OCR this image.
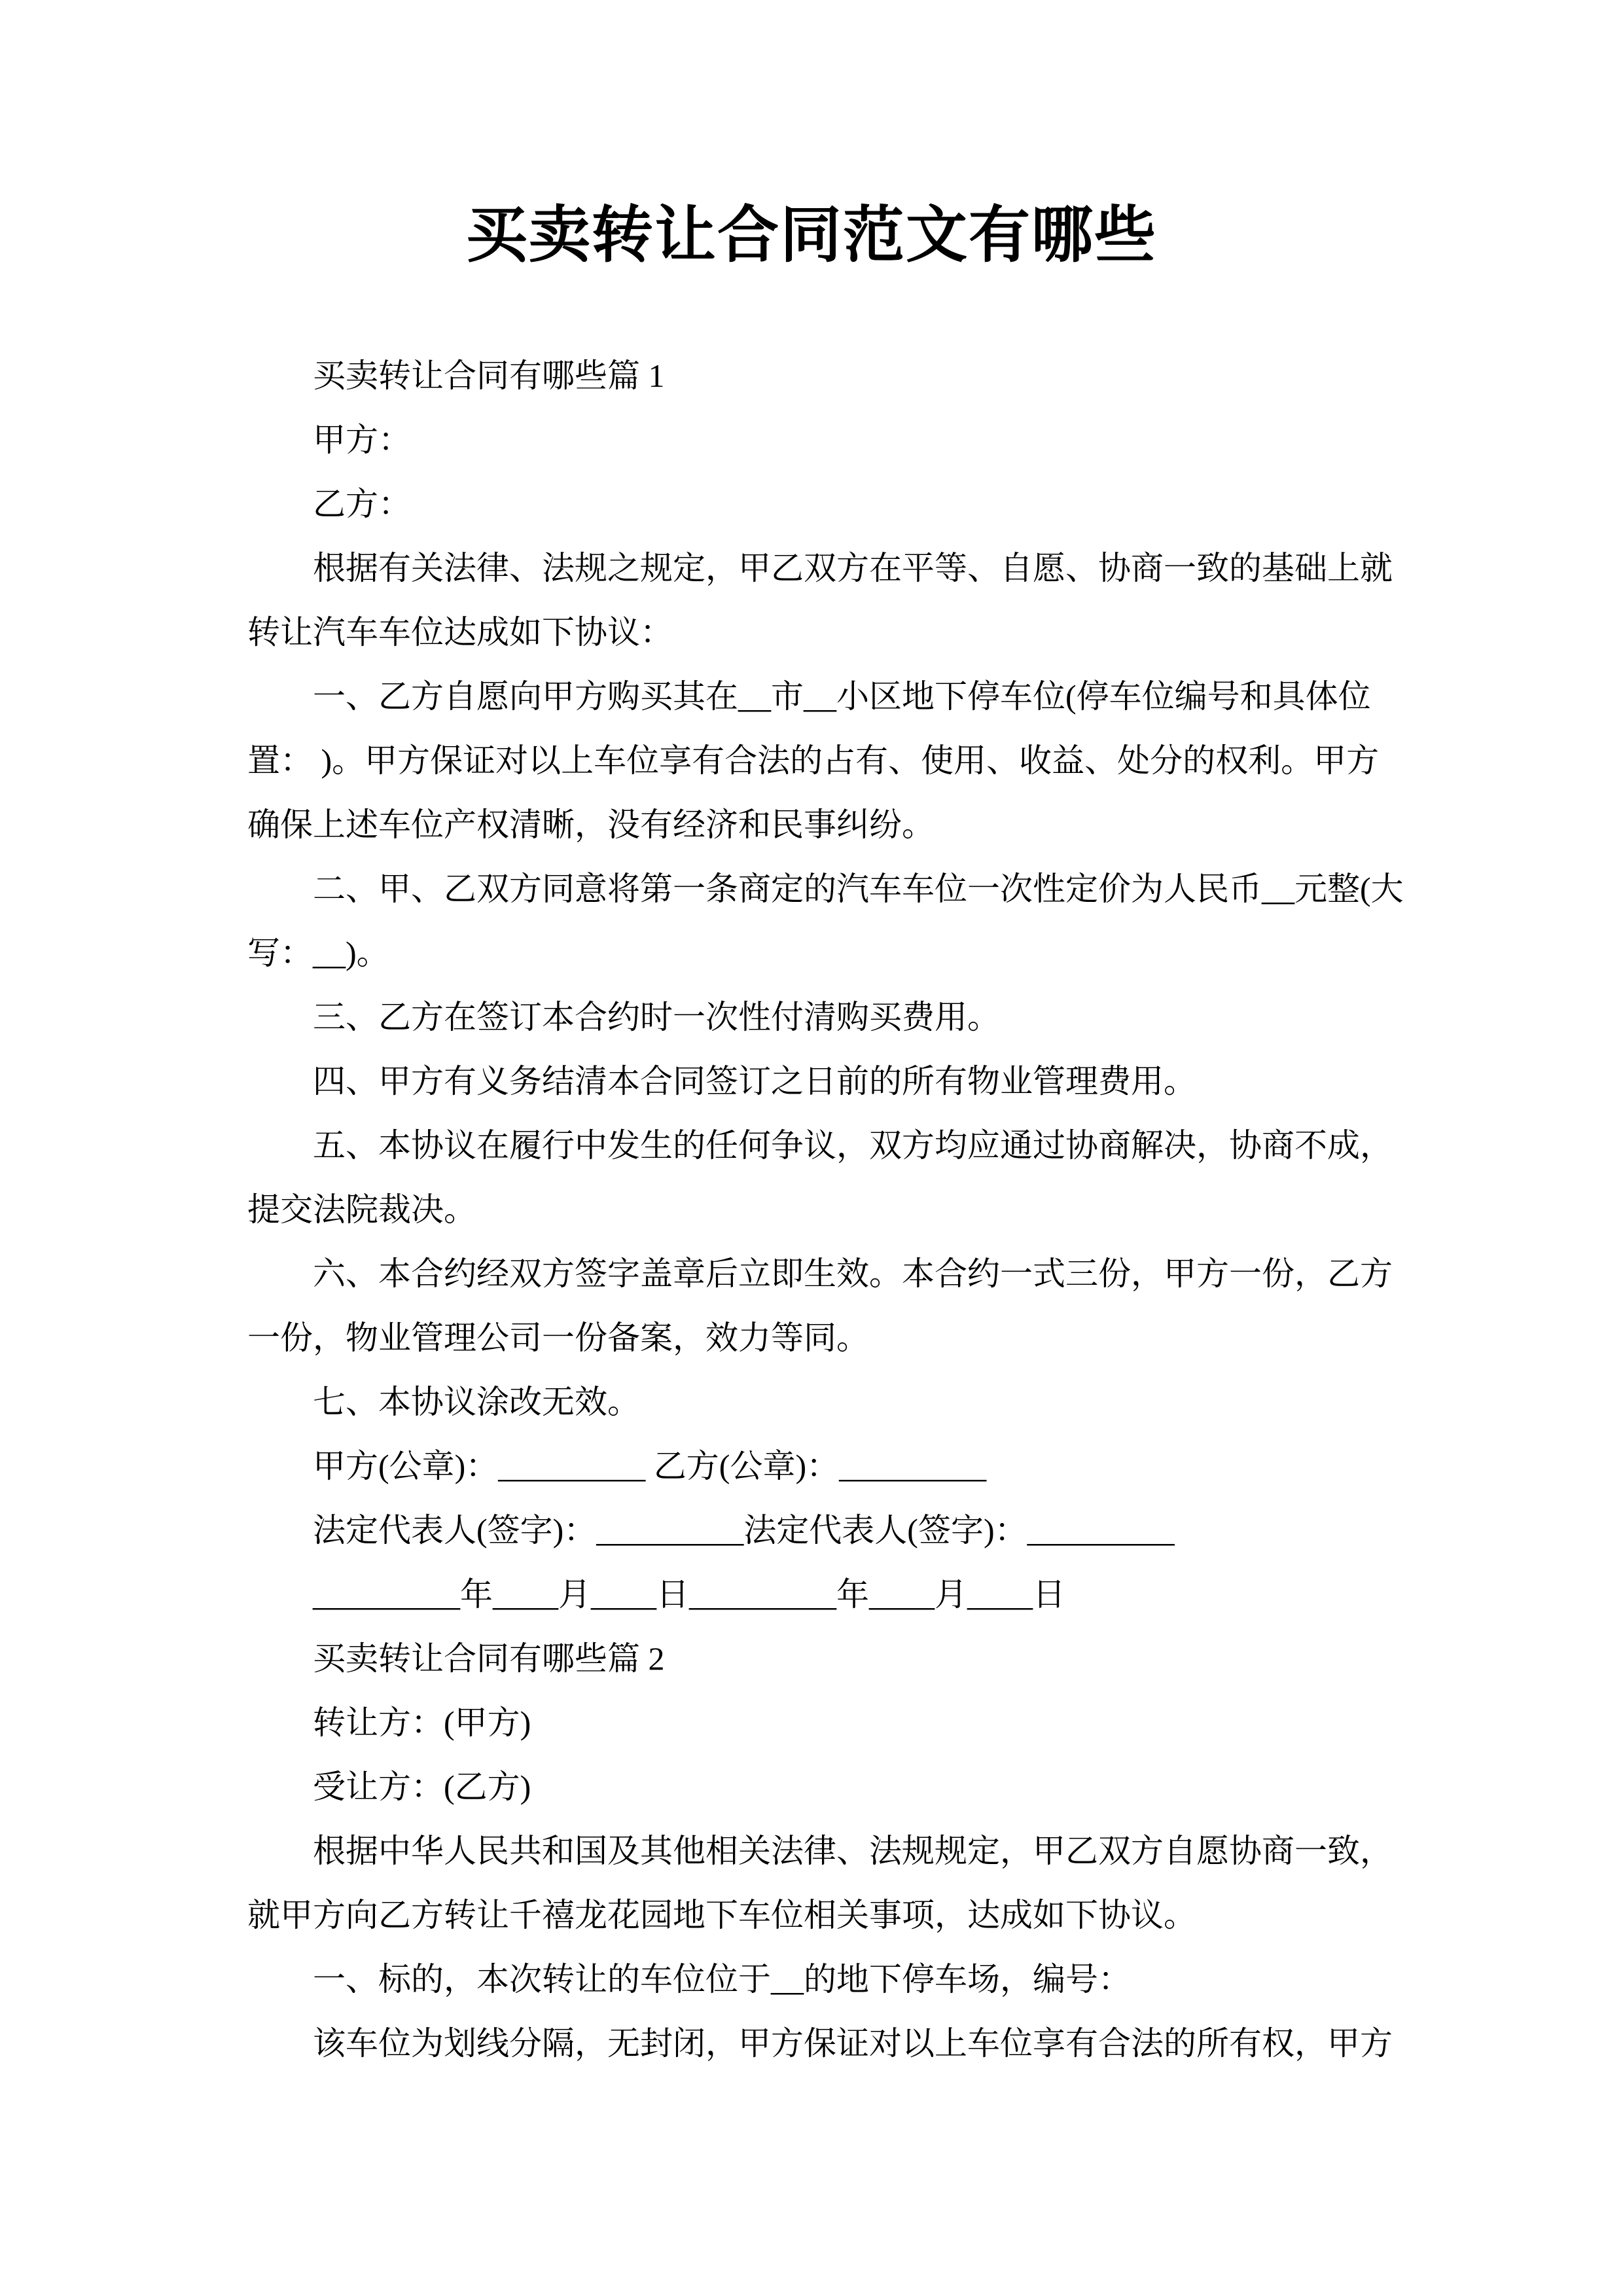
买卖转让合同范文有哪些
买卖转让合同有哪些篇 1
甲方：
乙方：
根据有关法律、法规之规定，甲乙双方在平等、自愿、协商一致的基础上就
转让汽车车位达成如下协议：
一、乙方自愿向甲方购买其在__市__小区地下停车位(停车位编号和具体位
置： )。甲方保证对以上车位享有合法的占有、使用、收益、处分的权利。甲方
确保上述车位产权清晰，没有经济和民事纠纷。
二、甲、乙双方同意将第一条商定的汽车车位一次性定价为人民币__元整(大
写：__)。
三、乙方在签订本合约时一次性付清购买费用。
四、甲方有义务结清本合同签订之日前的所有物业管理费用。
五、本协议在履行中发生的任何争议，双方均应通过协商解决，协商不成，
提交法院裁决。
六、本合约经双方签字盖章后立即生效。本合约一式三份，甲方一份，乙方
一份，物业管理公司一份备案，效力等同。
七、本协议涂改无效。
甲方(公章)：_________ 乙方(公章)：_________
法定代表人(签字)：_________法定代表人(签字)：_________
_________年____月____日_________年____月____日
买卖转让合同有哪些篇 2
转让方：(甲方)
受让方：(乙方)
根据中华人民共和国及其他相关法律、法规规定，甲乙双方自愿协商一致，
就甲方向乙方转让千禧龙花园地下车位相关事项，达成如下协议。
一、标的，本次转让的车位位于__的地下停车场，编号：
该车位为划线分隔，无封闭，甲方保证对以上车位享有合法的所有权，甲方
